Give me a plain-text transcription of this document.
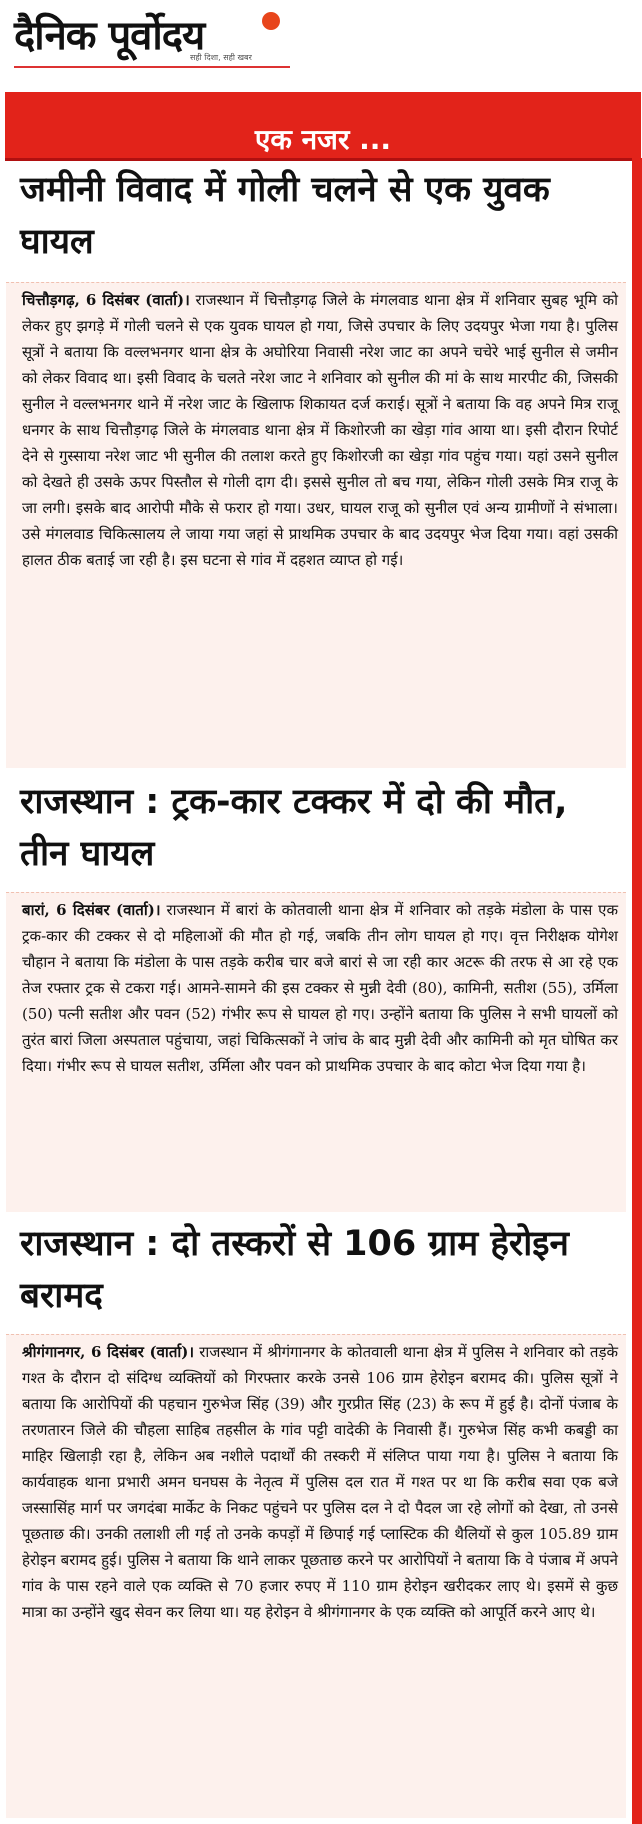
दैनिक पूर्वोदय
सही दिशा, सही खबर
एक नजर ...
जमीनी विवाद में गोली चलने से एक युवक घायल
चित्तौड़गढ़, 6 दिसंबर (वार्ता)। राजस्थान में चित्तौड़गढ़ जिले के मंगलवाड थाना क्षेत्र में शनिवार सुबह भूमि को लेकर हुए झगड़े में गोली चलने से एक युवक घायल हो गया, जिसे उपचार के लिए उदयपुर भेजा गया है। पुलिस सूत्रों ने बताया कि वल्लभनगर थाना क्षेत्र के अघोरिया निवासी नरेश जाट का अपने चचेरे भाई सुनील से जमीन को लेकर विवाद था। इसी विवाद के चलते नरेश जाट ने शनिवार को सुनील की मां के साथ मारपीट की, जिसकी सुनील ने वल्लभनगर थाने में नरेश जाट के खिलाफ शिकायत दर्ज कराई। सूत्रों ने बताया कि वह अपने मित्र राजू धनगर के साथ चित्तौड़गढ़ जिले के मंगलवाड थाना क्षेत्र में किशोरजी का खेड़ा गांव आया था। इसी दौरान रिपोर्ट देने से गुस्साया नरेश जाट भी सुनील की तलाश करते हुए किशोरजी का खेड़ा गांव पहुंच गया। यहां उसने सुनील को देखते ही उसके ऊपर पिस्तौल से गोली दाग दी। इससे सुनील तो बच गया, लेकिन गोली उसके मित्र राजू के जा लगी। इसके बाद आरोपी मौके से फरार हो गया। उधर, घायल राजू को सुनील एवं अन्य ग्रामीणों ने संभाला। उसे मंगलवाड चिकित्सालय ले जाया गया जहां से प्राथमिक उपचार के बाद उदयपुर भेज दिया गया। वहां उसकी हालत ठीक बताई जा रही है। इस घटना से गांव में दहशत व्याप्त हो गई।
राजस्थान : ट्रक-कार टक्कर में दो की मौत, तीन घायल
बारां, 6 दिसंबर (वार्ता)। राजस्थान में बारां के कोतवाली थाना क्षेत्र में शनिवार को तड़के मंडोला के पास एक ट्रक-कार की टक्कर से दो महिलाओं की मौत हो गई, जबकि तीन लोग घायल हो गए। वृत्त निरीक्षक योगेश चौहान ने बताया कि मंडोला के पास तड़के करीब चार बजे बारां से जा रही कार अटरू की तरफ से आ रहे एक तेज रफ्तार ट्रक से टकरा गई। आमने-सामने की इस टक्कर से मुन्नी देवी (80), कामिनी, सतीश (55), उर्मिला (50) पत्नी सतीश और पवन (52) गंभीर रूप से घायल हो गए। उन्होंने बताया कि पुलिस ने सभी घायलों को तुरंत बारां जिला अस्पताल पहुंचाया, जहां चिकित्सकों ने जांच के बाद मुन्नी देवी और कामिनी को मृत घोषित कर दिया। गंभीर रूप से घायल सतीश, उर्मिला और पवन को प्राथमिक उपचार के बाद कोटा भेज दिया गया है।
राजस्थान : दो तस्करों से 106 ग्राम हेरोइन बरामद
श्रीगंगानगर, 6 दिसंबर (वार्ता)। राजस्थान में श्रीगंगानगर के कोतवाली थाना क्षेत्र में पुलिस ने शनिवार को तड़के गश्त के दौरान दो संदिग्ध व्यक्तियों को गिरफ्तार करके उनसे 106 ग्राम हेरोइन बरामद की। पुलिस सूत्रों ने बताया कि आरोपियों की पहचान गुरुभेज सिंह (39) और गुरप्रीत सिंह (23) के रूप में हुई है। दोनों पंजाब के तरणतारन जिले की चौहला साहिब तहसील के गांव पट्टी वादेकी के निवासी हैं। गुरुभेज सिंह कभी कबड्डी का माहिर खिलाड़ी रहा है, लेकिन अब नशीले पदार्थों की तस्करी में संलिप्त पाया गया है। पुलिस ने बताया कि कार्यवाहक थाना प्रभारी अमन घनघस के नेतृत्व में पुलिस दल रात में गश्त पर था कि करीब सवा एक बजे जस्सासिंह मार्ग पर जगदंबा मार्केट के निकट पहुंचने पर पुलिस दल ने दो पैदल जा रहे लोगों को देखा, तो उनसे पूछताछ की। उनकी तलाशी ली गई तो उनके कपड़ों में छिपाई गई प्लास्टिक की थैलियों से कुल 105.89 ग्राम हेरोइन बरामद हुई। पुलिस ने बताया कि थाने लाकर पूछताछ करने पर आरोपियों ने बताया कि वे पंजाब में अपने गांव के पास रहने वाले एक व्यक्ति से 70 हजार रुपए में 110 ग्राम हेरोइन खरीदकर लाए थे। इसमें से कुछ मात्रा का उन्होंने खुद सेवन कर लिया था। यह हेरोइन वे श्रीगंगानगर के एक व्यक्ति को आपूर्ति करने आए थे।
